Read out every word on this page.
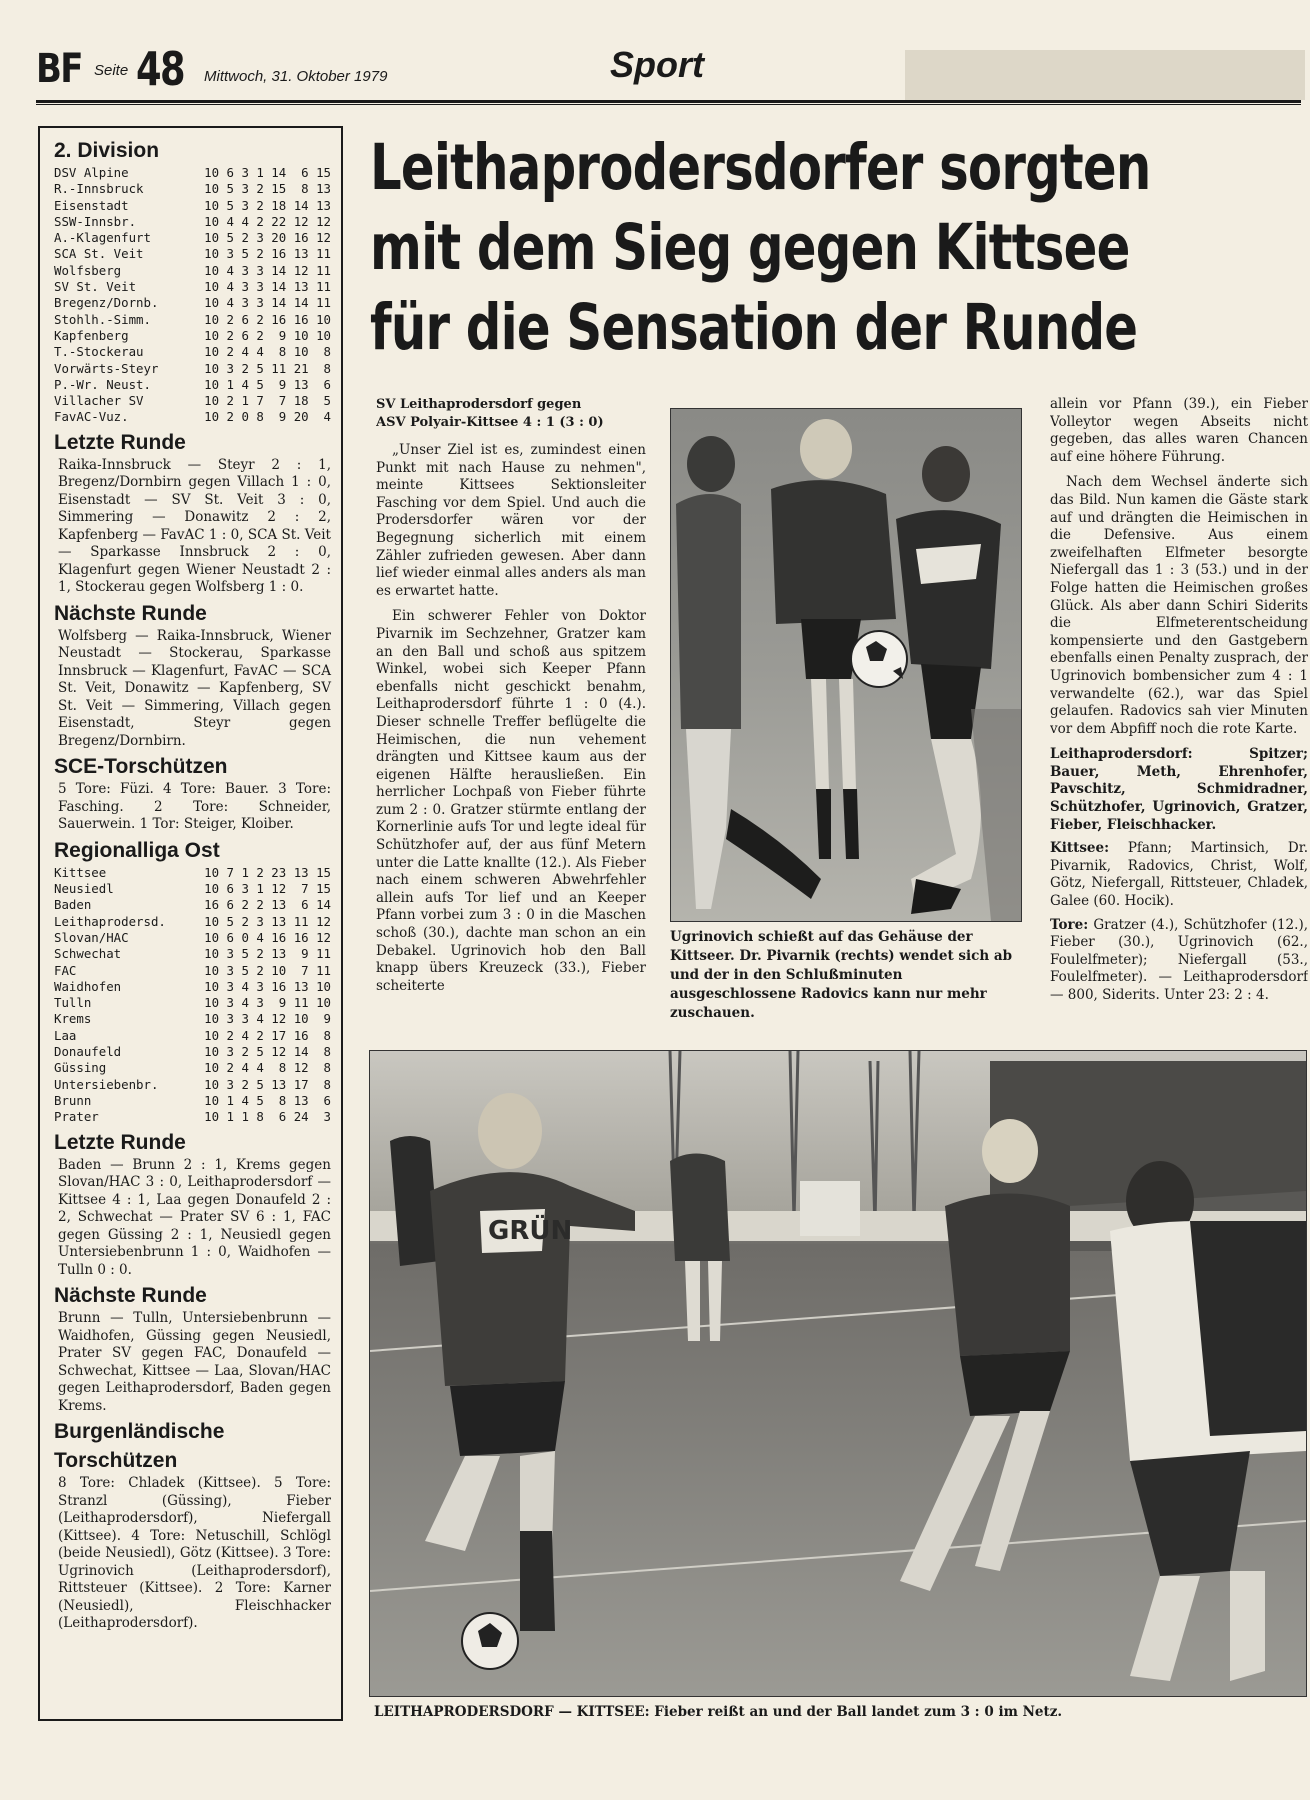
BF Seite 48 Mittwoch, 31. Oktober 1979	Sport
2. Division
DSV Alpine	10 6 3 1 14  6 15
R.-Innsbruck	10 5 3 2 15  8 13
Eisenstadt	10 5 3 2 18 14 13
SSW-Innsbr.	10 4 4 2 22 12 12
A.-Klagenfurt	10 5 2 3 20 16 12
SCA St. Veit	10 3 5 2 16 13 11
Wolfsberg	10 4 3 3 14 12 11
SV St. Veit	10 4 3 3 14 13 11
Bregenz/Dornb.	10 4 3 3 14 14 11
Stohlh.-Simm.	10 2 6 2 16 16 10
Kapfenberg	10 2 6 2  9 10 10
T.-Stockerau	10 2 4 4  8 10  8
Vorwärts-Steyr	10 3 2 5 11 21  8
P.-Wr. Neust.	10 1 4 5  9 13  6
Villacher SV	10 2 1 7  7 18  5
FavAC-Vuz.	10 2 0 8  9 20  4
Letzte Runde
Raika-Innsbruck — Steyr 2 : 1, Bregenz/Dornbirn gegen Villach 1 : 0, Eisenstadt — SV St. Veit 3 : 0, Simmering — Donawitz 2 : 2, Kapfenberg — FavAC 1 : 0, SCA St. Veit — Sparkasse Innsbruck 2 : 0, Klagenfurt gegen Wiener Neustadt 2 : 1, Stockerau gegen Wolfsberg 1 : 0.
Nächste Runde
Wolfsberg — Raika-Innsbruck, Wiener Neustadt — Stockerau, Sparkasse Innsbruck — Klagenfurt, FavAC — SCA St. Veit, Donawitz — Kapfenberg, SV St. Veit — Simmering, Villach gegen Eisenstadt, Steyr gegen Bregenz/Dornbirn.
SCE-Torschützen
5 Tore: Füzi. 4 Tore: Bauer. 3 Tore: Fasching. 2 Tore: Schneider, Sauerwein. 1 Tor: Steiger, Kloiber.
Regionalliga Ost
Kittsee	10 7 1 2 23 13 15
Neusiedl	10 6 3 1 12  7 15
Baden	16 6 2 2 13  6 14
Leithaprodersd.	10 5 2 3 13 11 12
Slovan/HAC	10 6 0 4 16 16 12
Schwechat	10 3 5 2 13  9 11
FAC	10 3 5 2 10  7 11
Waidhofen	10 3 4 3 16 13 10
Tulln	10 3 4 3  9 11 10
Krems	10 3 3 4 12 10  9
Laa	10 2 4 2 17 16  8
Donaufeld	10 3 2 5 12 14  8
Güssing	10 2 4 4  8 12  8
Untersiebenbr.	10 3 2 5 13 17  8
Brunn	10 1 4 5  8 13  6
Prater	10 1 1 8  6 24  3
Letzte Runde
Baden — Brunn 2 : 1, Krems gegen Slovan/HAC 3 : 0, Leithaprodersdorf — Kittsee 4 : 1, Laa gegen Donaufeld 2 : 2, Schwechat — Prater SV 6 : 1, FAC gegen Güssing 2 : 1, Neusiedl gegen Untersiebenbrunn 1 : 0, Waidhofen — Tulln 0 : 0.
Nächste Runde
Brunn — Tulln, Untersiebenbrunn — Waidhofen, Güssing gegen Neusiedl, Prater SV gegen FAC, Donaufeld — Schwechat, Kittsee — Laa, Slovan/HAC gegen Leithaprodersdorf, Baden gegen Krems.
Burgenländische
Torschützen
8 Tore: Chladek (Kittsee). 5 Tore: Stranzl (Güssing), Fieber (Leithaprodersdorf), Niefergall (Kittsee). 4 Tore: Netuschill, Schlögl (beide Neusiedl), Götz (Kittsee). 3 Tore: Ugrinovich (Leithaprodersdorf), Rittsteuer (Kittsee). 2 Tore: Karner (Neusiedl), Fleischhacker (Leithaprodersdorf).
Leithaprodersdorfer sorgten
mit dem Sieg gegen Kittsee
für die Sensation der Runde
SV Leithaprodersdorf gegen
ASV Polyair-Kittsee 4 : 1 (3 : 0)

„Unser Ziel ist es, zumindest einen Punkt mit nach Hause zu nehmen", meinte Kittsees Sektionsleiter Fasching vor dem Spiel. Und auch die Prodersdorfer wären vor der Begegnung sicherlich mit einem Zähler zufrieden gewesen. Aber dann lief wieder einmal alles anders als man es erwartet hatte.

Ein schwerer Fehler von Doktor Pivarnik im Sechzehner, Gratzer kam an den Ball und schoß aus spitzem Winkel, wobei sich Keeper Pfann ebenfalls nicht geschickt benahm, Leithaprodersdorf führte 1 : 0 (4.). Dieser schnelle Treffer beflügelte die Heimischen, die nun vehement drängten und Kittsee kaum aus der eigenen Hälfte herausließen. Ein herrlicher Lochpaß von Fieber führte zum 2 : 0. Gratzer stürmte entlang der Kornerlinie aufs Tor und legte ideal für Schützhofer auf, der aus fünf Metern unter die Latte knallte (12.). Als Fieber nach einem schweren Abwehrfehler allein aufs Tor lief und an Keeper Pfann vorbei zum 3 : 0 in die Maschen schoß (30.), dachte man schon an ein Debakel. Ugrinovich hob den Ball knapp übers Kreuzeck (33.), Fieber scheiterte

Ugrinovich schießt auf das Gehäuse der Kittseer. Dr. Pivarnik (rechts) wendet sich ab und der in den Schlußminuten ausgeschlossene Radovics kann nur mehr zuschauen.

allein vor Pfann (39.), ein Fieber Volleytor wegen Abseits nicht gegeben, das alles waren Chancen auf eine höhere Führung.

Nach dem Wechsel änderte sich das Bild. Nun kamen die Gäste stark auf und drängten die Heimischen in die Defensive. Aus einem zweifelhaften Elfmeter besorgte Niefergall das 1 : 3 (53.) und in der Folge hatten die Heimischen großes Glück. Als aber dann Schiri Siderits die Elfmeterentscheidung kompensierte und den Gastgebern ebenfalls einen Penalty zusprach, der Ugrinovich bombensicher zum 4 : 1 verwandelte (62.), war das Spiel gelaufen. Radovics sah vier Minuten vor dem Abpfiff noch die rote Karte.

Leithaprodersdorf:	Spitzer; Bauer, Meth, Ehrenhofer, Pavschitz, Schmidradner, Schützhofer, Ugrinovich, Gratzer, Fieber, Fleischhacker.
Kittsee: Pfann; Martinsich, Dr. Pivarnik, Radovics, Christ, Wolf, Götz, Niefergall, Rittsteuer, Chladek, Galee (60. Hocik).
Tore: Gratzer (4.), Schützhofer (12.), Fieber (30.), Ugrinovich (62., Foulelfmeter); Niefergall (53., Foulelfmeter). — Leithaprodersdorf — 800, Siderits. Unter 23: 2 : 4.
GRÜN
LEITHAPRODERSDORF — KITTSEE: Fieber reißt an und der Ball landet zum 3 : 0 im Netz.
